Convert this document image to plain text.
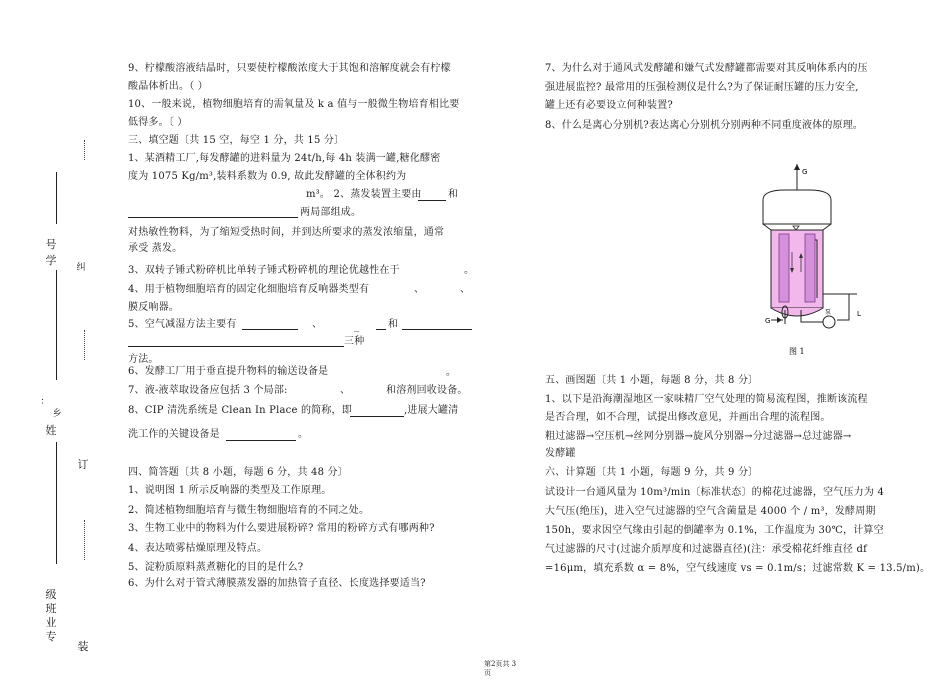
号
学
：
乡
姓
级
班
业
专
纠
订
装
9、柠檬酸溶液结晶时，只要使柠檬酸浓度大于其饱和溶解度就会有柠檬
酸晶体析出。（ ）
10、一般来说，植物细胞培育的需氧量及 k a 值与一般微生物培育相比要
低得多。〔 ）
三、填空题〔共 15 空，每空 1 分，共 15 分〕
1、某酒精工厂,每发酵罐的进料量为 24t/h,每 4h 装满一罐,糖化醪密
度为 1075 Kg/m³,装料系数为 0.9, 故此发酵罐的全体积约为
m³。 2、蒸发装置主要由	和
两局部组成。
对热敏性物料，为了缩短受热时间，并到达所要求的蒸发浓缩量，通常
承受 蒸发。
3、双转子锤式粉碎机比单转子锤式粉碎机的理论优越性在于	。
4、用于植物细胞培育的固定化细胞培育反响器类型有	、	、
膜反响器。
5、空气减湿方法主要有	、	_	和
三种
方法。
6、发酵工厂用于垂直提升物料的输送设备是	。
7、液-液萃取设备应包括 3 个局部:	、	和溶剂回收设备。
8、CIP 清洗系统是 Clean In Place 的简称，即	,进展大罐清
洗工作的关键设备是	。
四、简答题〔共 8 小题，每题 6 分，共 48 分〕
1、说明图 1 所示反响器的类型及工作原理。
2、简述植物细胞培育与微生物细胞培育的不同之处。
3、生物工业中的物料为什么要进展粉碎? 常用的粉碎方式有哪两种?
4、表达喷雾枯燥原理及特点。
5、淀粉质原料蒸煮糖化的目的是什么?
6、为什么对于管式薄膜蒸发器的加热管子直径、长度选择要适当?
7、为什么对于通风式发酵罐和嫌气式发酵罐都需要对其反响体系内的压
强进展监控? 最常用的压强检测仪是什么?为了保证耐压罐的压力安全,
罐上还有必要设立何种装置?
8、什么是离心分别机?表达离心分别机分别两种不同重度液体的原理。
五、画图题〔共 1 小题，每题 8 分，共 8 分〕
1、以下是沿海潮湿地区一家味精厂空气处理的简易流程图，推断该流程
是否合理，如不合理，试提出修改意见，并画出合理的流程图。
粗过滤器→空压机→丝网分别器→旋风分别器→分过滤器→总过滤器→
发酵罐
六、计算题〔共 1 小题，每题 9 分，共 9 分〕
试设计一台通风量为 10m³/min〔标准状态〕的棉花过滤器，空气压力为 4
大气压(绝压)，进入空气过滤器的空气含菌量是 4000 个 / m³，发酵周期
150h，要求因空气缘由引起的倒罐率为 0.1%，工作温度为 30℃，计算空
气过滤器的尺寸(过滤介质厚度和过滤器直径)(注：承受棉花纤维直径 df
=16μm，填充系数 α = 8%，空气线速度 vs = 0.1m/s；过滤常数 K = 13.5/m)。
G
G
泵	L
图 1
第2页共 3
页
